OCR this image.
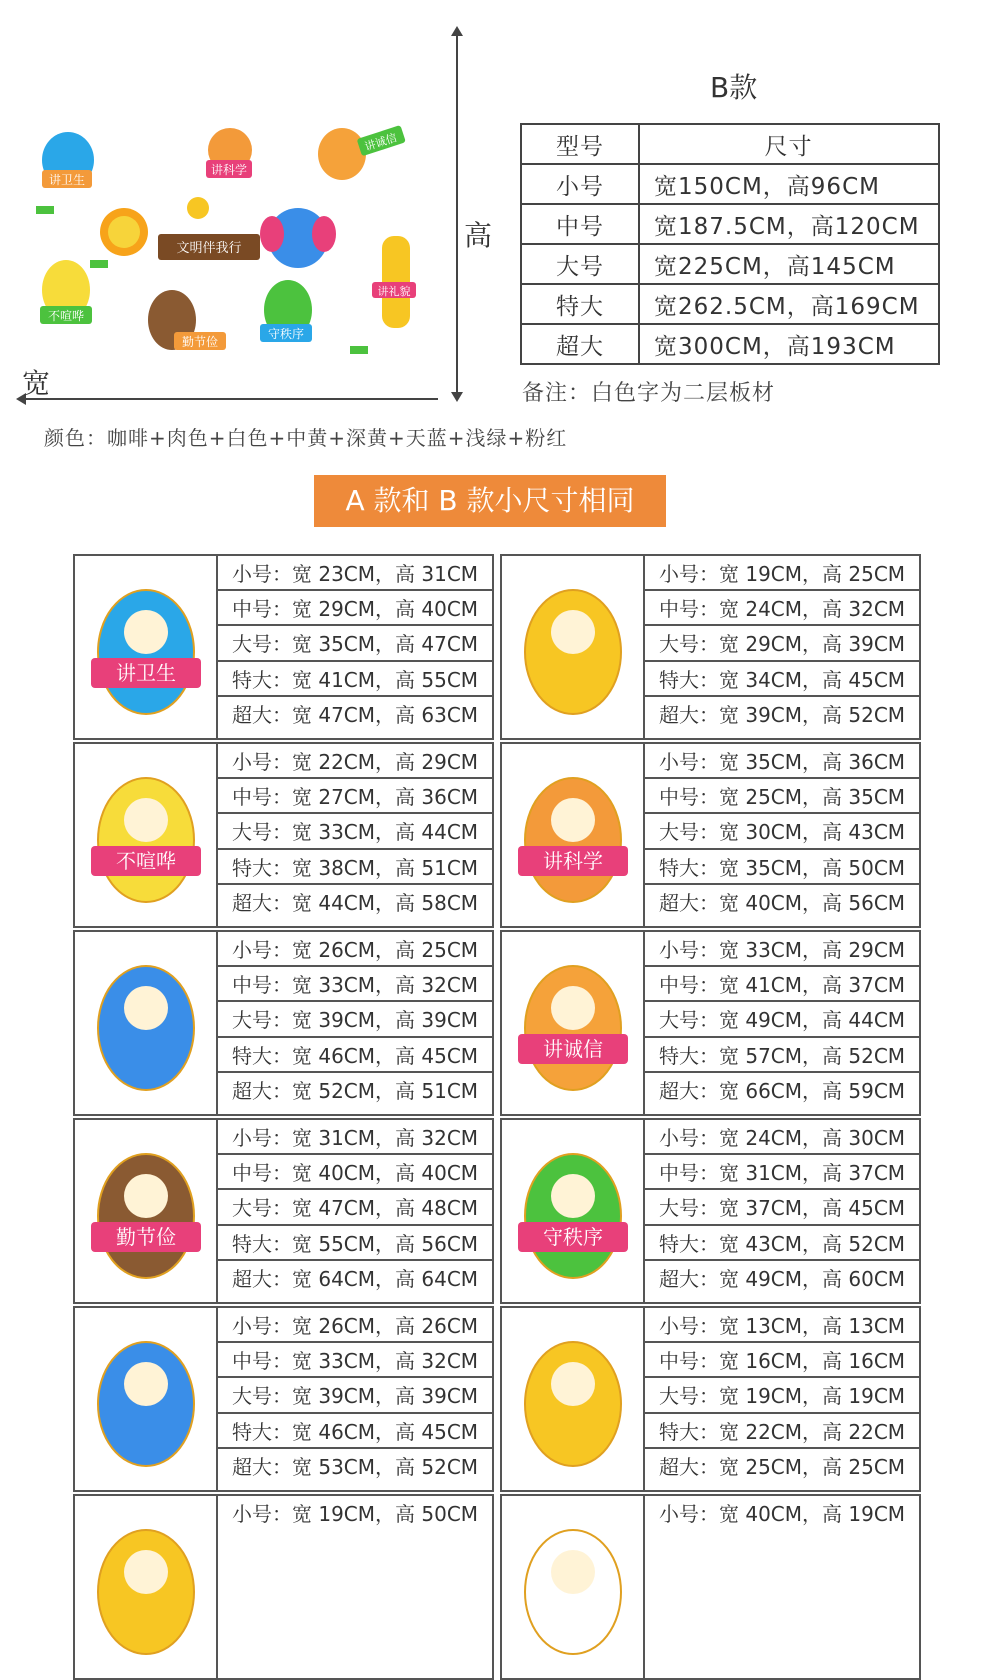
讲卫生
讲科学
讲诚信
文明伴我行
讲礼貌
不喧哗
勤节俭
守秩序
高
宽
B款
型号	尺寸
小号	宽150CM，高96CM
中号	宽187.5CM，高120CM
大号	宽225CM，高145CM
特大	宽262.5CM，高169CM
超大	宽300CM，高193CM
备注：白色字为二层板材
颜色：咖啡+肉色+白色+中黄+深黄+天蓝+浅绿+粉红
A 款和 B 款小尺寸相同
讲卫生
小号：宽 23CM，高 31CM
中号：宽 29CM，高 40CM
大号：宽 35CM，高 47CM
特大：宽 41CM，高 55CM
超大：宽 47CM，高 63CM
小号：宽 19CM，高 25CM
中号：宽 24CM，高 32CM
大号：宽 29CM，高 39CM
特大：宽 34CM，高 45CM
超大：宽 39CM，高 52CM
不喧哗
小号：宽 22CM，高 29CM
中号：宽 27CM，高 36CM
大号：宽 33CM，高 44CM
特大：宽 38CM，高 51CM
超大：宽 44CM，高 58CM
讲科学
小号：宽 35CM，高 36CM
中号：宽 25CM，高 35CM
大号：宽 30CM，高 43CM
特大：宽 35CM，高 50CM
超大：宽 40CM，高 56CM
小号：宽 26CM，高 25CM
中号：宽 33CM，高 32CM
大号：宽 39CM，高 39CM
特大：宽 46CM，高 45CM
超大：宽 52CM，高 51CM
讲诚信
小号：宽 33CM，高 29CM
中号：宽 41CM，高 37CM
大号：宽 49CM，高 44CM
特大：宽 57CM，高 52CM
超大：宽 66CM，高 59CM
勤节俭
小号：宽 31CM，高 32CM
中号：宽 40CM，高 40CM
大号：宽 47CM，高 48CM
特大：宽 55CM，高 56CM
超大：宽 64CM，高 64CM
守秩序
小号：宽 24CM，高 30CM
中号：宽 31CM，高 37CM
大号：宽 37CM，高 45CM
特大：宽 43CM，高 52CM
超大：宽 49CM，高 60CM
小号：宽 26CM，高 26CM
中号：宽 33CM，高 32CM
大号：宽 39CM，高 39CM
特大：宽 46CM，高 45CM
超大：宽 53CM，高 52CM
小号：宽 13CM，高 13CM
中号：宽 16CM，高 16CM
大号：宽 19CM，高 19CM
特大：宽 22CM，高 22CM
超大：宽 25CM，高 25CM
小号：宽 19CM，高 50CM	小号：宽 40CM，高 19CM
